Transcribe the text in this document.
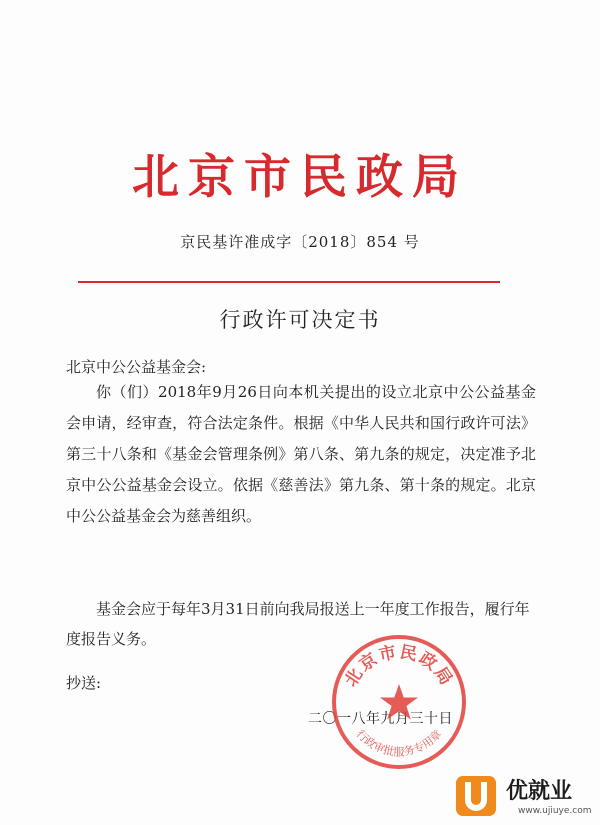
北京市民政局
京民基许准成字〔2018〕854 号
行政许可决定书
北京中公公益基金会:
你（们）2018年9月26日向本机关提出的设立北京中公公益基金会申请，经审查，符合法定条件。根据《中华人民共和国行政许可法》第三十八条和《基金会管理条例》第八条、第九条的规定，决定准予北京中公公益基金会设立。依据《慈善法》第九条、第十条的规定。北京中公公益基金会为慈善组织。
基金会应于每年3月31日前向我局报送上一年度工作报告，履行年度报告义务。
抄送:
二〇一八年九月三十日
北京市民政局
行政审批服务专用章
优就业
www.ujiuye.com
